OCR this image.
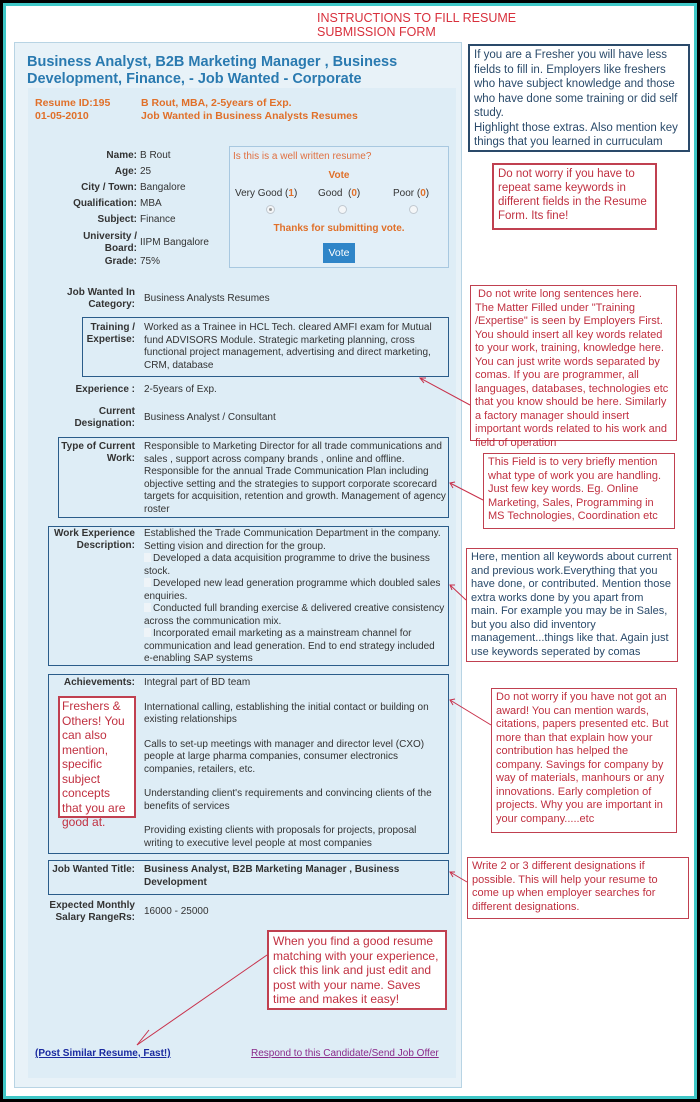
INSTRUCTIONS TO FILL RESUME SUBMISSION FORM
Business Analyst, B2B Marketing Manager , Business Development, Finance, - Job Wanted - Corporate
Resume ID:195
01-05-2010
B Rout, MBA, 2-5years of Exp.
Job Wanted in Business Analysts Resumes
Name: B Rout
Age: 25
City / Town: Bangalore
Qualification: MBA
Subject: Finance
University / Board:
IIPM Bangalore
Grade: 75%
Is this is a well written resume?
Vote
Very Good (1) Good  (0)	Poor (0)
Thanks for submitting vote.
Vote
Job Wanted In Category:
Business Analysts Resumes
Training / Expertise:
Worked as a Trainee in HCL Tech. cleared AMFI exam for Mutual fund ADVISORS Module. Strategic marketing planning, cross functional project management, advertising and direct marketing, CRM, database
Experience : 2-5years of Exp.
Current Designation:
Business Analyst / Consultant
Type of Current Work:
Responsible to Marketing Director for all trade communications and sales , support across company brands , online and offline. Responsible for the annual Trade Communication Plan including objective setting and the strategies to support corporate scorecard targets for acquisition, retention and growth. Management of agency roster
Work Experience Description:
Established the Trade Communication Department in the company. Setting vision and direction for the group.
Developed a data acquisition programme to drive the business stock.
Developed new lead generation programme which doubled sales enquiries.
Conducted full branding exercise & delivered creative consistency across the communication mix.
Incorporated email marketing as a mainstream channel for communication and lead generation. End to end strategy included e-enabling SAP systems
Achievements: Integral part of BD team
International calling, establishing the initial contact or building on existing relationships
Calls to set-up meetings with manager and director level (CXO) people at large pharma companies, consumer electronics companies, retailers, etc.
Understanding client's requirements and convincing clients of the benefits of services
Providing existing clients with proposals for projects, proposal writing to executive level people at most companies
Freshers & Others! You can also mention, specific subject concepts that you are good at.
Job Wanted Title: Business Analyst, B2B Marketing Manager , Business Development
Expected Monthly Salary RangeRs:
16000 - 25000
(Post Similar Resume, Fast!)	Respond to this Candidate/Send Job Offer
If you are a Fresher you will have less fields to fill in. Employers like freshers who have subject knowledge and those who have done some training or did self study.
Highlight those extras. Also mention key things that you learned in curruculam
Do not worry if you have to repeat same keywords in different fields in the Resume Form. Its fine!
Do not write long sentences here.
The Matter Filled under "Training /Expertise" is seen by Employers First. You should insert all key words related to your work, training, knowledge here. You can just write words separated by comas. If you are programmer, all languages, databases, technologies etc that you know should be here. Similarly a factory manager should insert important words related to his work and field of operation
This Field is to very briefly mention what type of work you are handling. Just few key words. Eg. Online Marketing, Sales, Programming in MS Technologies, Coordination etc
Here, mention all keywords about current and previous work.Everything that you have done, or contributed. Mention those extra works done by you apart from main. For example you may be in Sales, but you also did inventory management...things like that. Again just use keywords seperated by comas
Do not worry if you have not got an award! You can mention wards, citations, papers presented etc. But more than that explain how your contribution has helped the company. Savings for company by way of materials, manhours or any innovations. Early completion of projects. Why you are important in your company.....etc
Write 2 or 3 different designations if possible. This will help your resume to come up when employer searches for different designations.
When you find a good resume matching with your experience, click this link and just edit and post with your name. Saves time and makes it easy!
